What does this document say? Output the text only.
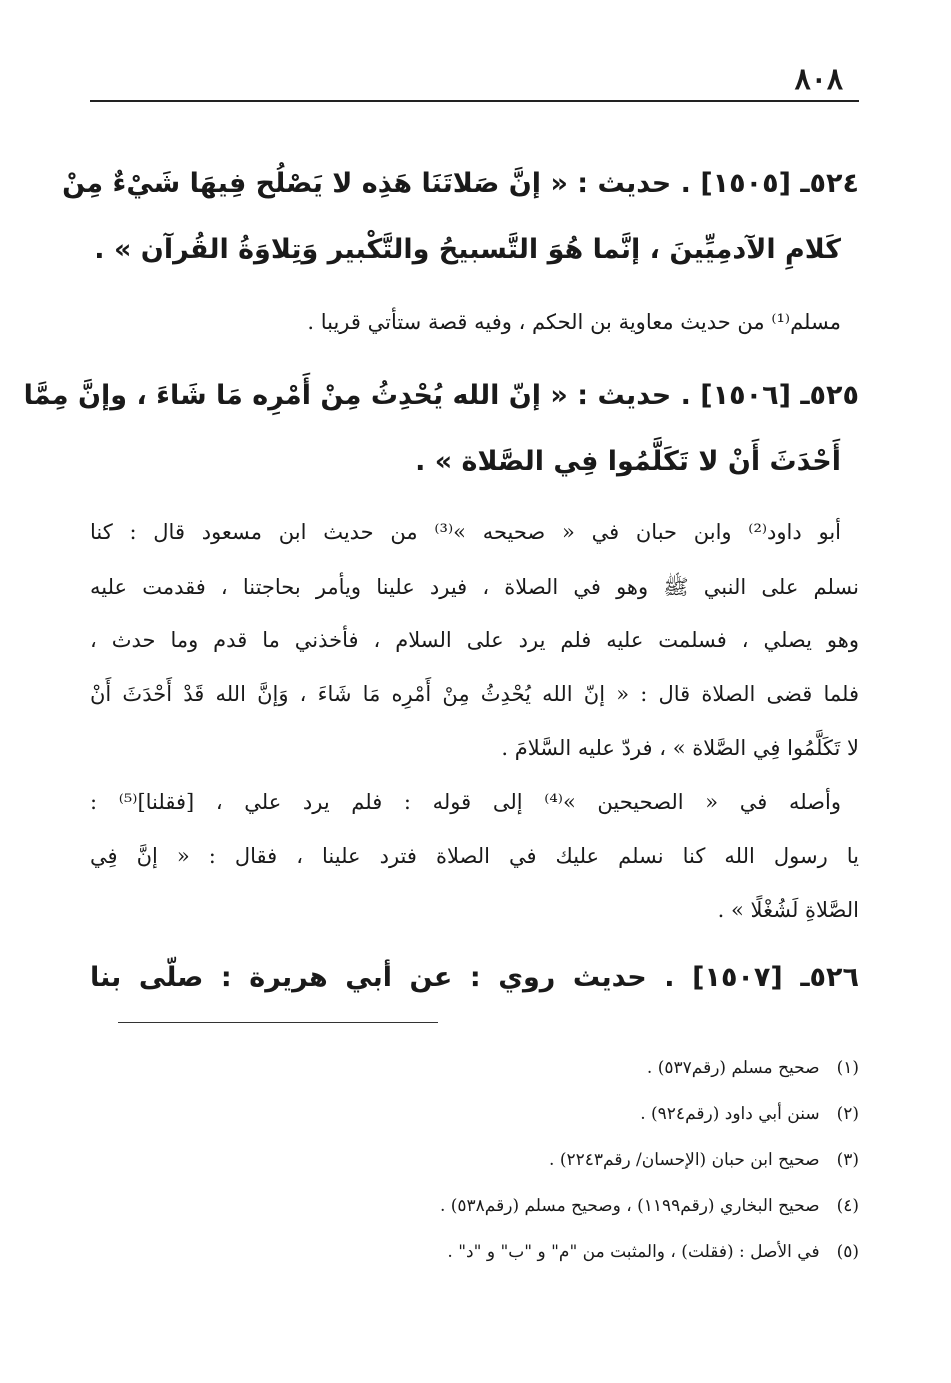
٨٠٨
٥٢٤ـ [١٥٠٥] . حديث : « إنَّ صَلاتَنَا هَذِه لا يَصْلُح فِيهَا شَيْءٌ مِنْ
كَلامِ الآدمِيِّينَ ، إنَّما هُوَ التَّسبيحُ والتَّكْبير وَتِلاوَةُ القُرآن » .
مسلم⁽¹⁾ من حديث معاوية بن الحكم ، وفيه قصة ستأتي قريبا .
٥٢٥ـ [١٥٠٦] . حديث : « إنّ الله يُحْدِثُ مِنْ أَمْرِه مَا شَاءَ ، وإنَّ مِمَّا
أَحْدَثَ أَنْ لا تَكَلَّمُوا فِي الصَّلاة » .
أبو داود⁽²⁾ وابن حبان في « صحيحه »⁽³⁾ من حديث ابن مسعود قال : كنا
نسلم على النبي ﷺ وهو في الصلاة ، فيرد علينا ويأمر بحاجتنا ، فقدمت عليه
وهو يصلي ، فسلمت عليه فلم يرد على السلام ، فأخذني ما قدم وما حدث ،
فلما قضى الصلاة قال : « إنّ الله يُحْدِثُ مِنْ أَمْرِه مَا شَاءَ ، وَإنَّ الله قَدْ أَحْدَثَ أَنْ
لا تَكَلَّمُوا فِي الصَّلاة » ، فردّ عليه السَّلامَ .
وأصله في « الصحيحين »⁽⁴⁾ إلى قوله : فلم يرد علي ، [فقلنا]⁽⁵⁾ :
يا رسول الله كنا نسلم عليك في الصلاة فترد علينا ، فقال : « إنَّ فِي
الصَّلاةِ لَشُغْلًا » .
٥٢٦ـ [١٥٠٧] . حديث روي : عن أبي هريرة : صلّى بنا
(١) صحيح مسلم (رقم٥٣٧) .
(٢) سنن أبي داود (رقم٩٢٤) .
(٣) صحيح ابن حبان (الإحسان/ رقم٢٢٤٣) .
(٤) صحيح البخاري (رقم١١٩٩) ، وصحيح مسلم (رقم٥٣٨) .
(٥) في الأصل : (فقلت) ، والمثبت من "م" و "ب" و "د" .
